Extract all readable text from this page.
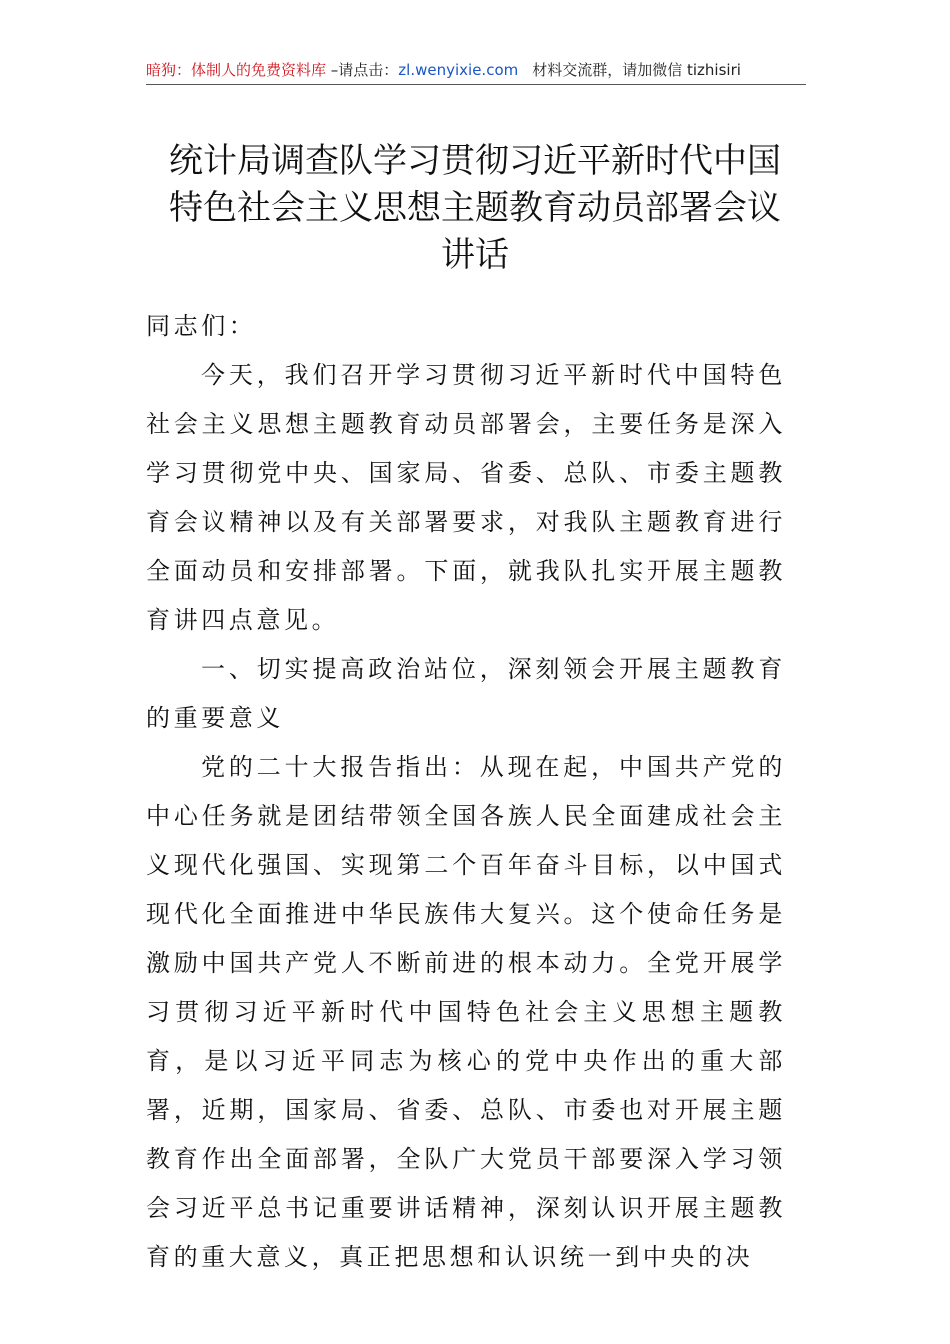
暗狗：体制人的免费资料库 –请点击：zl.wenyixie.com 材料交流群，请加微信 tizhisiri
统计局调查队学习贯彻习近平新时代中国
特色社会主义思想主题教育动员部署会议
讲话

同志们：

今天，我们召开学习贯彻习近平新时代中国特色社会主义思想主题教育动员部署会，主要任务是深入学习贯彻党中央、国家局、省委、总队、市委主题教育会议精神以及有关部署要求，对我队主题教育进行全面动员和安排部署。下面，就我队扎实开展主题教育讲四点意见。

一、切实提高政治站位，深刻领会开展主题教育的重要意义

党的二十大报告指出：从现在起，中国共产党的中心任务就是团结带领全国各族人民全面建成社会主义现代化强国、实现第二个百年奋斗目标，以中国式现代化全面推进中华民族伟大复兴。这个使命任务是激励中国共产党人不断前进的根本动力。全党开展学习贯彻习近平新时代中国特色社会主义思想主题教育，是以习近平同志为核心的党中央作出的重大部署，近期，国家局、省委、总队、市委也对开展主题教育作出全面部署，全队广大党员干部要深入学习领会习近平总书记重要讲话精神，深刻认识开展主题教育的重大意义，真正把思想和认识统一到中央的决
